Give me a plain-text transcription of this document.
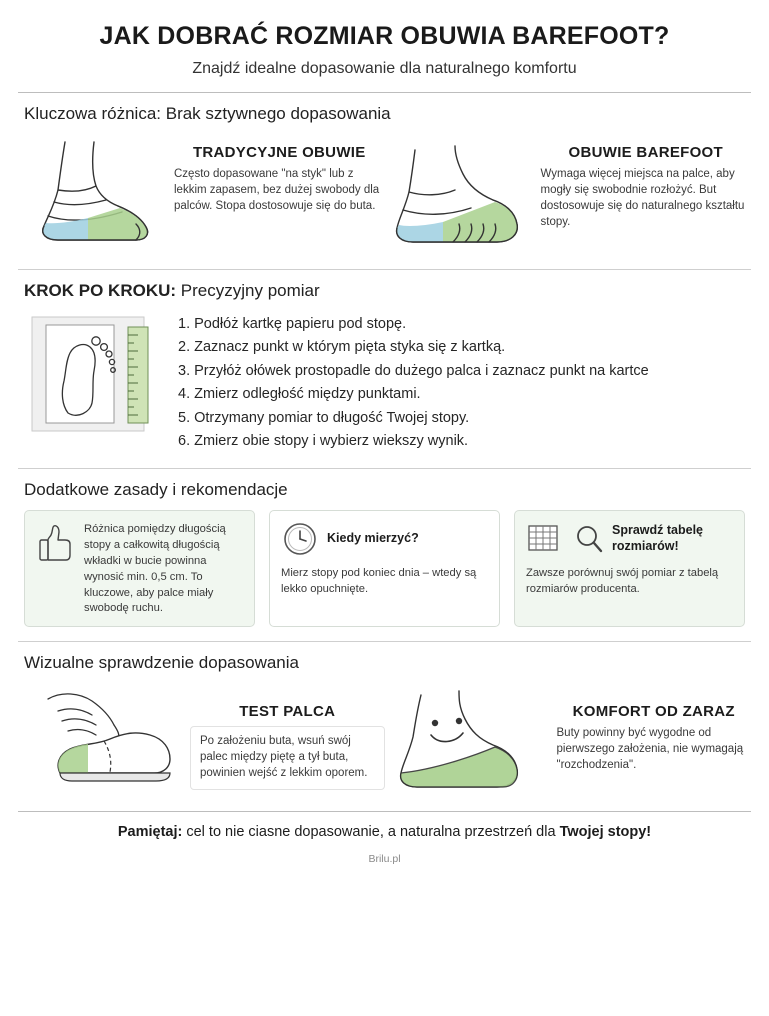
JAK DOBRAĆ ROZMIAR OBUWIA BAREFOOT?
Znajdź idealne dopasowanie dla naturalnego komfortu
Kluczowa różnica: Brak sztywnego dopasowania
TRADYCYJNE OBUWIE
Często dopasowane "na styk" lub z lekkim zapasem, bez dużej swobody dla palców. Stopa dostosowuje się do buta.
OBUWIE BAREFOOT
Wymaga więcej miejsca na palce, aby mogły się swobodnie rozłożyć. But dostosowuje się do naturalnego kształtu stopy.
KROK PO KROKU: Precyzyjny pomiar
1. Podłóż kartkę papieru pod stopę.
2. Zaznacz punkt w którym pięta styka się z kartką.
3. Przyłóż ołówek prostopadle do dużego palca i zaznacz punkt na kartce
4. Zmierz odległość między punktami.
5. Otrzymany pomiar to długość Twojej stopy.
6. Zmierz obie stopy i wybierz wiekszy wynik.
Dodatkowe zasady i rekomendacje
Różnica pomiędzy długością stopy a całkowitą długością wkładki w bucie powinna wynosić min. 0,5 cm. To kluczowe, aby palce miały swobodę ruchu.
Kiedy mierzyć?
Mierz stopy pod koniec dnia – wtedy są lekko opuchnięte.
Sprawdź tabelę rozmiarów!
Zawsze porównuj swój pomiar z tabelą rozmiarów producenta.
Wizualne sprawdzenie dopasowania
TEST PALCA
Po założeniu buta, wsuń swój palec między piętę a tył buta, powinien wejść z lekkim oporem.
KOMFORT OD ZARAZ
Buty powinny być wygodne od pierwszego założenia, nie wymagają "rozchodzenia".
Pamiętaj: cel to nie ciasne dopasowanie, a naturalna przestrzeń dla Twojej stopy!
Brilu.pl
